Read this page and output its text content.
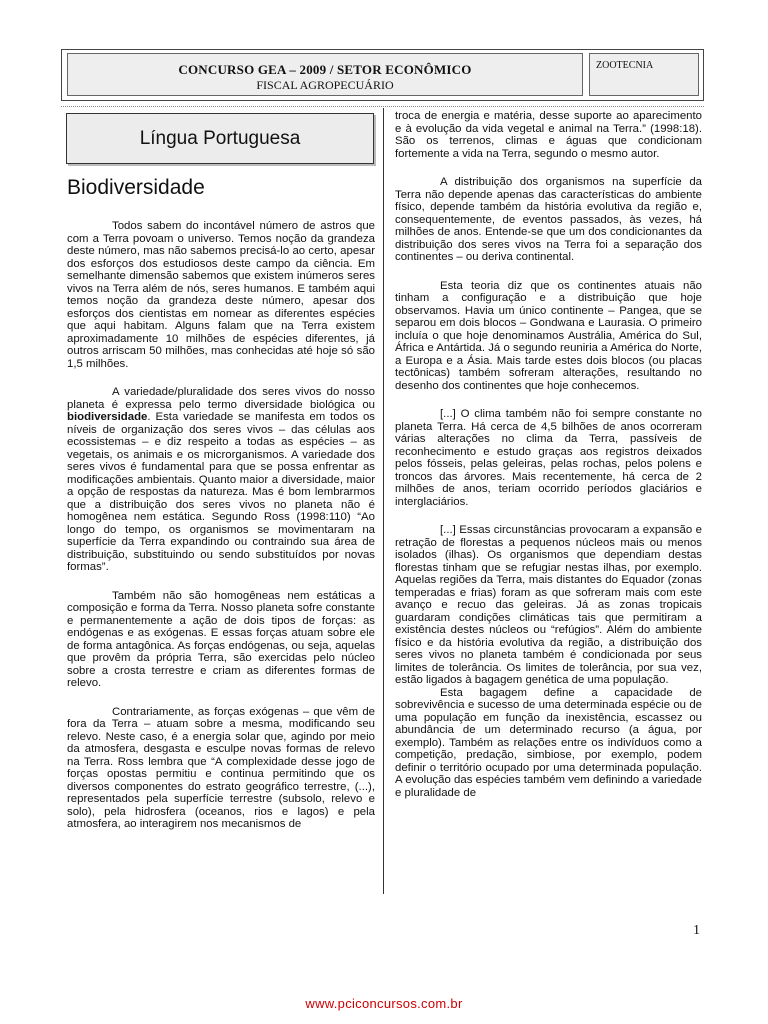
CONCURSO GEA – 2009 / SETOR ECONÔMICO
FISCAL AGROPECUÁRIO
ZOOTECNIA
Língua Portuguesa
Biodiversidade

Todos sabem do incontável número de astros que com a Terra povoam o universo. Temos noção da grandeza deste número, mas não sabemos precisá-lo ao certo, apesar dos esforços dos estudiosos deste campo da ciência. Em semelhante dimensão sabemos que existem inúmeros seres vivos na Terra além de nós, seres humanos. E também aqui temos noção da grandeza deste número, apesar dos esforços dos cientistas em nomear as diferentes espécies que aqui habitam. Alguns falam que na Terra existem aproximadamente 10 milhões de espécies diferentes, já outros arriscam 50 milhões, mas conhecidas até hoje só são 1,5 milhões.

A variedade/pluralidade dos seres vivos do nosso planeta é expressa pelo termo diversidade biológica ou biodiversidade. Esta variedade se manifesta em todos os níveis de organização dos seres vivos – das células aos ecossistemas – e diz respeito a todas as espécies – as vegetais, os animais e os microrganismos. A variedade dos seres vivos é fundamental para que se possa enfrentar as modificações ambientais. Quanto maior a diversidade, maior a opção de respostas da natureza. Mas é bom lembrarmos que a distribuição dos seres vivos no planeta não é homogênea nem estática. Segundo Ross (1998:110) “Ao longo do tempo, os organismos se movimentaram na superfície da Terra expandindo ou contraindo sua área de distribuição, substituindo ou sendo substituídos por novas formas”.

Também não são homogêneas nem estáticas a composição e forma da Terra. Nosso planeta sofre constante e permanentemente a ação de dois tipos de forças: as endógenas e as exógenas. E essas forças atuam sobre ele de forma antagônica. As forças endógenas, ou seja, aquelas que provêm da própria Terra, são exercidas pelo núcleo sobre a crosta terrestre e criam as diferentes formas de relevo.

Contrariamente, as forças exógenas – que vêm de fora da Terra – atuam sobre a mesma, modificando seu relevo. Neste caso, é a energia solar que, agindo por meio da atmosfera, desgasta e esculpe novas formas de relevo na Terra. Ross lembra que “A complexidade desse jogo de forças opostas permitiu e continua permitindo que os diversos componentes do estrato geográfico terrestre, (...), representados pela superfície terrestre (subsolo, relevo e solo), pela hidrosfera (oceanos, rios e lagos) e pela atmosfera, ao interagirem nos mecanismos de

troca de energia e matéria, desse suporte ao aparecimento e à evolução da vida vegetal e animal na Terra.” (1998:18). São os terrenos, climas e águas que condicionam fortemente a vida na Terra, segundo o mesmo autor.

A distribuição dos organismos na superfície da Terra não depende apenas das características do ambiente físico, depende também da história evolutiva da região e, consequentemente, de eventos passados, às vezes, há milhões de anos. Entende-se que um dos condicionantes da distribuição dos seres vivos na Terra foi a separação dos continentes – ou deriva continental.

Esta teoria diz que os continentes atuais não tinham a configuração e a distribuição que hoje observamos. Havia um único continente – Pangea, que se separou em dois blocos – Gondwana e Laurasia. O primeiro incluía o que hoje denominamos Austrália, América do Sul, África e Antártida. Já o segundo reuniria a América do Norte, a Europa e a Ásia. Mais tarde estes dois blocos (ou placas tectônicas) também sofreram alterações, resultando no desenho dos continentes que hoje conhecemos.

[...] O clima também não foi sempre constante no planeta Terra. Há cerca de 4,5 bilhões de anos ocorreram várias alterações no clima da Terra, passíveis de reconhecimento e estudo graças aos registros deixados pelos fósseis, pelas geleiras, pelas rochas, pelos polens e troncos das árvores. Mais recentemente, há cerca de 2 milhões de anos, teriam ocorrido períodos glaciários e interglaciários.

[...] Essas circunstâncias provocaram a expansão e retração de florestas a pequenos núcleos mais ou menos isolados (ilhas). Os organismos que dependiam destas florestas tinham que se refugiar nestas ilhas, por exemplo. Aquelas regiões da Terra, mais distantes do Equador (zonas temperadas e frias) foram as que sofreram mais com este avanço e recuo das geleiras. Já as zonas tropicais guardaram condições climáticas tais que permitiram a existência destes núcleos ou “refúgios”. Além do ambiente físico e da história evolutiva da região, a distribuição dos seres vivos no planeta também é condicionada por seus limites de tolerância. Os limites de tolerância, por sua vez, estão ligados à bagagem genética de uma população.

Esta bagagem define a capacidade de sobrevivência e sucesso de uma determinada espécie ou de uma população em função da inexistência, escassez ou abundância de um determinado recurso (a água, por exemplo). Também as relações entre os indivíduos como a competição, predação, simbiose, por exemplo, podem definir o território ocupado por uma determinada população. A evolução das espécies também vem definindo a variedade e pluralidade de

1
www.pciconcursos.com.br
